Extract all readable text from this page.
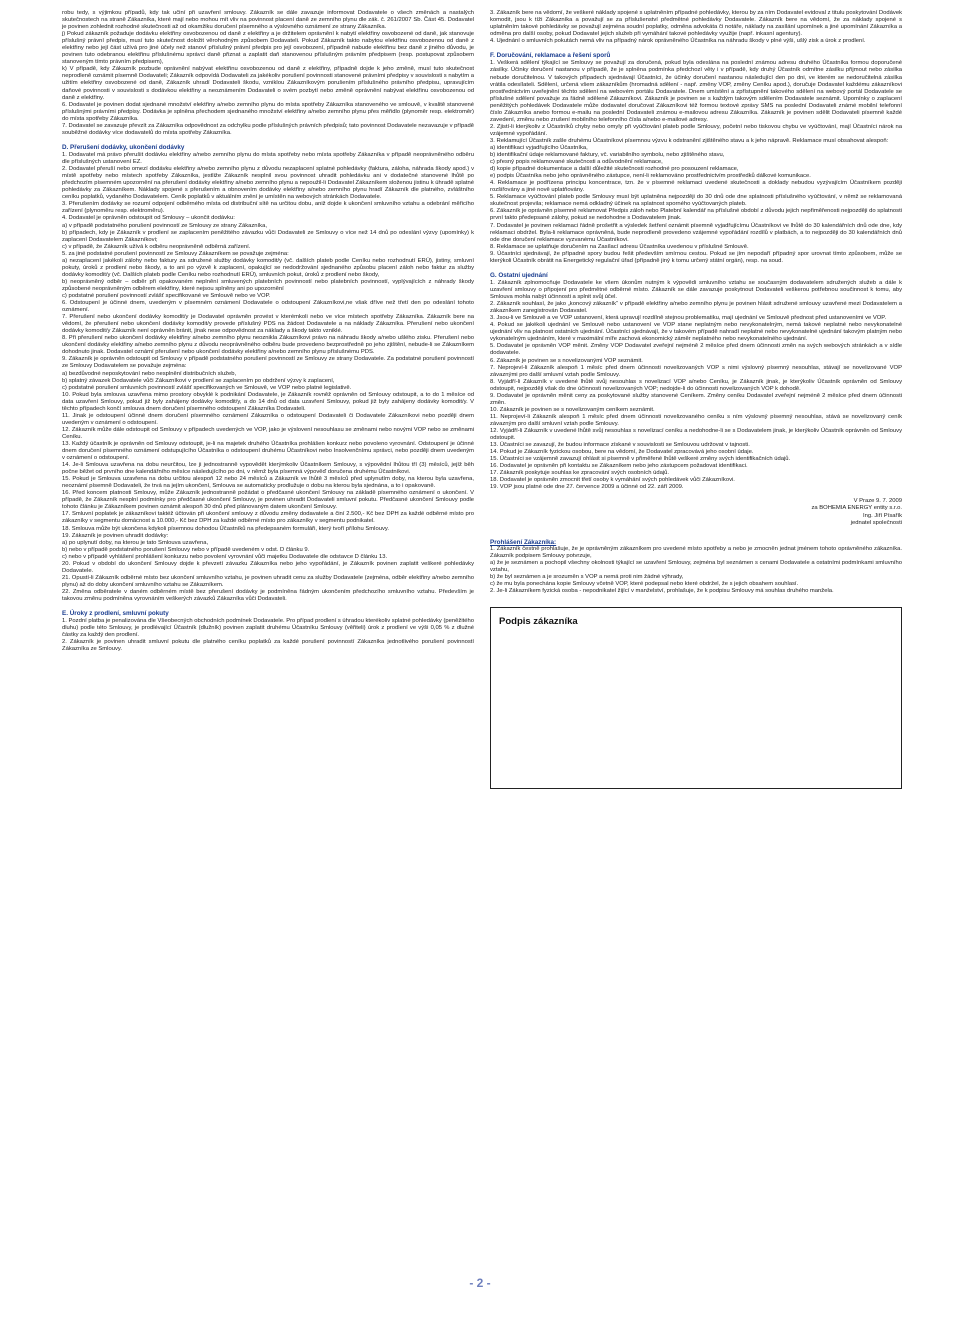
robu tedy, s výjimkou případů, kdy tak učiní při uzavření smlouvy. Zákazník se dále zavazuje informovat Dodavatele o všech změnách a nastalých skutečnostech na straně Zákazníka, které mají nebo mohou mít vliv na povinnost placení daně ze zemního plynu dle zák. č. 261/2007 Sb. Část 45. Dodavatel je povinen zohlednit rozhodné skutečnosti až od okamžiku doručení písemného a výslovného oznámení ze strany Zákazníka.

j) Pokud zákazník požaduje dodávku elektřiny osvobozenou od daně z elektřiny a je držitelem oprávnění k nabytí elektřiny osvobozené od daně, jak stanovuje příslušný právní předpis, musí tuto skutečnost doložit věrohodným způsobem Dodavateli. Pokud Zákazník takto nabytou elektřinu osvobozenou od daně z elektřiny nebo její část užívá pro jiné účely než stanoví příslušný právní předpis pro její osvobození, případně nabude elektřinu bez daně z jiného důvodu, je povinen tuto odebranou elektřinu příslušnému správci daně přiznat a zaplatit daň stanovenou příslušným právním předpisem (resp. postupovat způsobem stanoveným tímto právním předpisem),

k) V případě, kdy Zákazník pozbude oprávnění nabývat elektřinu osvobozenou od daně z elektřiny, případně dojde k jeho změně, musí tuto skutečnost neprodleně oznámit písemně Dodavateli; Zákazník odpovídá Dodavateli za jakékoliv porušení povinnosti stanovené právními předpisy v souvislosti s nabytím a užitím elektřiny osvobozené od daně, Zákazník uhradí Dodavateli škodu, vzniklou Zákazníkovým porušením příslušného právního předpisu, upravujícím daňové povinnosti v souvislosti s dodávkou elektřiny a neoznámením Dodavateli o svém pozbytí nebo změně oprávnění nabývat elektřinu osvobozenou od daně z elektřiny.

6. Dodavatel je povinen dodat sjednané množství elektřiny a/nebo zemního plynu do místa spotřeby Zákazníka stanoveného ve smlouvě, v kvalitě stanovené příslušnými právními předpisy. Dodávka je splněna přechodem sjednaného množství elektřiny a/nebo zemního plynu přes měřidlo (plynoměr resp. elektroměr) do místa spotřeby Zákazníka.

7. Dodavatel se zavazuje převzít za Zákazníka odpovědnost za odchylku podle příslušných právních předpisů; tato povinnost Dodavatele nezavazuje v případě souběžné dodávky více dodavatelů do místa spotřeby Zákazníka.

D. Přerušení dodávky, ukončení dodávky

1. Dodavatel má právo přerušit dodávku elektřiny a/nebo zemního plynu do místa spotřeby nebo místa spotřeby Zákazníka v případě neoprávněného odběru dle příslušných ustanovení EZ.

2. Dodavatel přeruší nebo omezí dodávku elektřiny a/nebo zemního plynu z důvodu nezaplacení splatné pohledávky (faktura, záloha, náhrada škody apod.) v místě spotřeby nebo místech spotřeby Zákazníka, jestliže Zákazník nesplnil svou povinnost uhradit pohledávku ani v dodatečné stanovené lhůtě po předchozím písemném upozornění na přerušení dodávky elektřiny a/nebo zemního plynu a nepoužil-li Dodavatel Zákazníkem složenou jistinu k úhradě splatné pohledávky za Zákazníkem. Náklady spojené s přerušením a obnovením dodávky elektřiny a/nebo zemního plynu hradí Zákazník dle platného, zvláštního ceníku poplatků, vydaného Dodavatelem. Ceník poplatků v aktuálním znění je umístěn na webových stránkách Dodavatele.

3. Přerušením dodávky se rozumí odpojení odběrného místa od distribuční sítě na určitou dobu, aniž dojde k ukončení smluvního vztahu a odebrání měřicího zařízení (plynoměru resp. elektroměru).

4. Dodavatel je oprávněn odstoupit od Smlouvy – ukončit dodávku:

a) v případě podstatného porušení povinností ze Smlouvy ze strany Zákazníka,

b) případech, kdy je Zákazník v prodlení se zaplacením peněžitého závazku vůči Dodavateli ze Smlouvy o více než 14 dnů po odeslání výzvy (upomínky) k zaplacení Dodavatelem Zákazníkovi;

c) v případě, že Zákazník užívá k odběru neoprávněně odběrná zařízení.

5. za jiné podstatné porušení povinností ze Smlouvy Zákazníkem se považuje zejména:

a) nezaplacení jakékoli zálohy nebo faktury za sdružené služby dodávky komodit/y (vč. dalších plateb podle Ceníku nebo rozhodnutí ERÚ), jistiny, smluvní pokuty, úroků z prodlení nebo škody, a to ani po výzvě k zaplacení, opakující se nedodržování sjednaného způsobu placení záloh nebo faktur za služby dodávky komodit/y (vč. Dalších plateb podle Ceníku nebo rozhodnutí ERÚ), smluvních pokut, úroků z prodlení nebo škody,

b) neoprávněný odběr – odběr při opakovaném neplnění smluvených platebních povinností nebo platebních povinností, vyplývajících z náhrady škody způsobené neoprávněným odběrem elektřiny, které nejsou splněny ani po upozornění

c) podstatné porušení povinností zvlášť specifikované ve Smlouvě nebo ve VOP.

6. Odstoupení je účinné dnem, uvedeným v písemném oznámení Dodavatele o odstoupení Zákazníkovi,ne však dříve než třetí den po odeslání tohoto oznámení.

7. Přerušení nebo ukončení dodávky komodit/y je Dodavatel oprávněn provést v kterémkoli nebo ve více místech spotřeby Zákazníka. Zákazník bere na vědomí, že přerušení nebo ukončení dodávky komodit/y provede příslušný PDS na žádost Dodavatele a na náklady Zákazníka. Přerušení nebo ukončení dodávky komodit/y Zákazník není oprávněn bránit, jinak nese odpovědnost za náklady a škody takto vzniklé.

8. Při přerušení nebo ukončení dodávky elektřiny a/nebo zemního plynu neoznikla Zákazníkovi právo na náhradu škody a/nebo ušlého zisku. Přerušení nebo ukončení dodávky elektřiny a/nebo zemního plynu z důvodu neoprávněného odběru bude provedeno bezprostředně po jeho zjištění, nebude-li se Zákazníkem dohodnuto jinak. Dodavatel oznámí přerušení nebo ukončení dodávky elektřiny a/nebo zemního plynu příslušnému PDS.

9. Zákazník je oprávněn odstoupit od Smlouvy v případě podstatného porušení povinností ze Smlouvy ze strany Dodavatele. Za podstatné porušení povinností ze Smlouvy Dodavatelem se považuje zejména:

a) bezdůvodné neposkytování nebo nesplnění distribučních služeb,

b) splatný závazek Dodavatele vůči Zákazníkovi v prodlení se zaplacením po obdržení výzvy k zaplacení,

c) podstatné porušení smluvních povinností zvlášť specifikovaných ve Smlouvě, ve VOP nebo platné legislativě.

10. Pokud byla smlouva uzavřena mimo prostory obvyklé k podnikání Dodavatele, je Zákazník rovněž oprávněn od Smlouvy odstoupit, a to do 1 měsíce od data uzavření Smlouvy, pokud již byly zahájeny dodávky komodit/y, a do 14 dnů od data uzavření Smlouvy, pokud již byly zahájeny dodávky komodit/y. V těchto případech končí smlouva dnem doručení písemného odstoupení Zákazníka Dodavateli.

11. Jinak je odstoupení účinné dnem doručení písemného oznámení Zákazníka o odstoupení Dodavateli či Dodavatele Zákazníkovi nebo později dnem uvedeným v oznámení o odstoupení.

12. Zákazník může dále odstoupit od Smlouvy v případech uvedených ve VOP, jako je výslovení nesouhlasu se změnami nebo novými VOP nebo se změnami Ceníku.

13. Každý účastník je oprávněn od Smlouvy odstoupit, je-li na majetek druhého Účastníka prohlášen konkurz nebo povoleno vyrovnání. Odstoupení je účinné dnem doručení písemného oznámení odstupujícího Účastníka o odstoupení druhému Účastníkovi nebo Insolvenčnímu správci, nebo později dnem uvedeným v oznámení o odstoupení.

14. Je-li Smlouva uzavřena na dobu neurčitou, lze ji jednostranně vypovědět kterýmkoliv Účastníkem Smlouvy, s výpovědní lhůtou tří (3) měsíců, jejíž běh počne běžet od prvního dne kalendářního měsíce následujícího po dni, v němž byla písemná výpověď doručena druhému Účastníkovi.

15. Pokud je Smlouva uzavřena na dobu určitou alespoň 12 nebo 24 měsíců a Zákazník ve lhůtě 3 měsíců před uplynutím doby, na kterou byla uzavřena, neoznámí písemně Dodavateli, že trvá na jejím ukončení, Smlouva se automaticky prodlužuje o dobu na kterou byla sjednána, a to i opakovaně.

16. Před koncem platnosti Smlouvy, může Zákazník jednostranně požádat o předčasné ukončení Smlouvy na základě písemného oznámení o ukončení. V případě, že Zákazník nesplní podmínky pro předčasné ukončení Smlouvy, je povinen uhradit Dodavateli smluvní pokutu. Předčasné ukončení Smlouvy podle tohoto článku je Zákazníkem povinen oznámit alespoň 30 dnů před plánovaným datem ukončení Smlouvy.

17. Smluvní poplatek je zákazníkovi taktéž účtován při ukončení smlouvy z důvodu změny dodavatele a činí 2.500,- Kč bez DPH za každé odběrné místo pro zákazníky v segmentu domácnost a 10.000,- Kč bez DPH za každé odběrné místo pro zákazníky v segmentu podnikatel.

18. Smlouva může být ukončena kdykoli písemnou dohodou Účastníků na předepsaném formuláři, který tvoří přílohu Smlouvy.

19. Zákazník je povinen uhradit dodávky:

a) po uplynutí doby, na kterou je tato Smlouva uzavřena,

b) nebo v případě podstatného porušení Smlouvy nebo v případě uvedeném v odst. D článku 9.

c) nebo v případě vyhlášení prohlášení konkurzu nebo povolení vyrovnání vůči majetku Dodavatele dle odstavce D článku 13.

20. Pokud v období do ukončení Smlouvy dojde k převzetí závazku Zákazníka nebo jeho vypořádání, je Zákazník povinen zaplatit veškeré pohledávky Dodavatele.

21. Opustí-li Zákazník odběrné místo bez ukončení smluvního vztahu, je povinen uhradit cenu za služby Dodavatele (zejména, odběr elektřiny a/nebo zemního plynu) až do doby ukončení smluvního vztahu se Zákazníkem.

22. Změna odběratele v daném odběrném místě bez přerušení dodávky je podmíněna řádným ukončením předchozího smluvního vztahu. Především je takovou změnu podmíněna vyrovnáním veškerých závazků Zákazníka vůči Dodavateli.

E. Úroky z prodlení, smluvní pokuty

1. Pozdní platba je penalizována dle Všeobecných obchodních podmínek Dodavatele. Pro případ prodlení s úhradou kterékoliv splatné pohledávky (peněžitého dluhu) podle této Smlouvy, je prodlévající Účastník (dlužník) povinen zaplatit druhému Účastníku Smlouvy (věřiteli) úrok z prodlení ve výši 0,05 % z dlužné částky za každý den prodlení.

2. Zákazník je povinen uhradit smluvní pokutu dle platného ceníku poplatků za každé porušení povinností Zákazníka jednotlivého porušení povinností Zákazníka ze Smlouvy.

3. Zákazník bere na vědomí, že veškeré náklady spojené s uplatněním případné pohledávky, kterou by za ním Dodavatel evidoval z titulu poskytování Dodávek komodit, jsou k tíži Zákazníka a považují se za příslušenství předmětné pohledávky Dodavatele. Zákazník bere na vědomí, že za náklady spojené s uplatněním takové pohledávky se považují zejména soudní poplatky, odměna advokáta či notáře, náklady na zasílání upomínek a jiné upomínání Zákazníka a odměna pro další osoby, pokud Dodavatel jejich služeb při vymáhání takové pohledávky využije (např. inkasní agentury).

4. Ujednání o smluvních pokutách nemá vliv na případný nárok oprávněného Účastníka na náhradu škody v plné výši, ušlý zisk a úrok z prodlení.

F. Doručování, reklamace a řešení sporů

1. Veškerá sdělení týkající se Smlouvy se považují za doručená, pokud byla odeslána na poslední známou adresu druhého Účastníka formou doporučené zásilky. Účinky doručení nastanou v případě, že je splněna podmínka předchozí věty i v případě, kdy druhý Účastník odmítne zásilku přijmout nebo zásilka nebude doručitelnou. V takových případech sjednávají Účastníci, že účinky doručení nastanou následující den po dni, ve kterém se nedoručitelná zásilka vrátila odesílateli. Sdělení, určená všem zákazníkům (hromadná sdělení - např. změny VOP, změny Ceníku apod.), doručuje Dodavatel každému zákazníkovi prostřednictvím uveřejnění těchto sdělení na webovém portálu Dodavatele. Dnem umístění a zpřístupnění takového sdělení na webový portál Dodavatele se příslušné sdělení považuje za řádně sdělené Zákazníkovi. Zákazník je povinen se s každým takovým sdělením Dodavatele seznámit. Upomínky o zaplacení peněžitých pohledávek Dodavatele může dodavatel doručovat Zákazníkovi též formou textové zprávy SMS na poslední Dodavateli známé mobilní telefonní číslo Zákazníka anebo formou e-mailu na poslední Dodavateli známou e-mailovou adresu Zákazníka. Zákazník je povinen sdělit Dodavateli písemně každé zavedení, změnu nebo zrušení mobilního telefonního čísla a/nebo e-mailové adresy.

2. Zjistí-li kterýkoliv z Účastníků chyby nebo omyly při vyúčtování plateb podle Smlouvy, početní nebo tiskovou chybu ve vyúčtování, mají Účastníci nárok na vzájemné vypořádání.

3. Reklamující Účastník zašle druhému Účastníkovi písemnou výzvu k odstranění zjištěného stavu a k jeho nápravě. Reklamace musí obsahovat alespoň:

a) identifikaci vyjadřujícího Účastníka,

b) identifikační údaje reklamované faktury, vč. variabilního symbolu, nebo zjištěného stavu,

c) přesný popis reklamované skutečnosti a odůvodnění reklamace,

d) kopie případné dokumentace a další důležité skutečnosti rozhodné pro posouzení reklamace,

e) podpis Účastníka nebo jeho oprávněného zástupce, není-li reklamováno prostřednictvím prostředků dálkové komunikace.

4. Reklamace je podřízena principu koncentrace, tzn. že v písemné reklamaci uvedené skutečnosti a doklady nebudou vyzývajícím Účastníkem později rozšiřovány a jiné nově uplatňovány.

5. Reklamace vyúčtování plateb podle Smlouvy musí být uplatněna nejpozději do 30 dnů ode dne splatnosti příslušného vyúčtování, v němž se reklamovaná skutečnost projevila; reklamace nemá odkladný účinek na splatnost sporného vyúčtovaných plateb.

6. Zákazník je oprávněn písemně reklamovat Předpis záloh nebo Platební kalendář na příslušné období z důvodu jejich nepřiměřenosti nejpozději do splatnosti první takto předepsané zálohy, pokud se nedohodne s Dodavatelem jinak.

7. Dodavatel je povinen reklamaci řádně prošetřit a výsledek šetření oznámit písemně vyjadřujícímu Účastníkovi ve lhůtě do 30 kalendářních dnů ode dne, kdy reklamaci obdržel. Byla-li reklamace oprávněná, bude neprodleně provedeno vzájemné vypořádání rozdílů v platbách, a to nejpozději do 30 kalendářních dnů ode dne doručení reklamace vyzvanému Účastníkovi.

8. Reklamace se uplatňuje doručením na Zasílací adresu Účastníka uvedenou v příslušné Smlouvě.

9. Účastníci sjednávají, že případné spory budou řešit především smírnou cestou. Pokud se jím nepodaří případný spor urovnat tímto způsobem, může se kterýkoli Účastník obrátit na Energetický regulační úřad (případně jiný k tomu určený státní orgán), resp. na soud.

G. Ostatní ujednání

1. Zákazník zplnomocňuje Dodavatele ke všem úkonům nutným k výpovědi smluvního vztahu se současným dodavatelem sdružených služeb a dále k uzavření smlouvy o připojení pro předmětné odběrné místo. Zákazník se dále zavazuje poskytnout Dodavateli veškerou potřebnou součinnost k tomu, aby Smlouva mohla nabýt účinnosti a splnit svůj účel.

2. Zákazník souhlasí, že jako „koncový zákazník“ v případě elektřiny a/nebo zemního plynu je povinen hlásit sdružené smlouvy uzavřené mezi Dodavatelem a zákazníkem zaregistrován Dodavatel.

3. Jsou-li ve Smlouvě a ve VOP ustanovení, která upravují rozdílně stejnou problematiku, mají ujednání ve Smlouvě přednost před ustanoveními ve VOP.

4. Pokud se jakékoli ujednání ve Smlouvě nebo ustanovení ve VOP stane neplatným nebo nevykonatelným, nemá takové neplatné nebo nevykonatelné ujednání vliv na platnost ostatních ujednání. Účastníci sjednávají, že v takovém případě nahradí neplatné nebo nevykonatelné ujednání takovým platným nebo vykonatelným ujednáním, které v maximální míře zachová ekonomický záměr neplatného nebo nevykonatelného ujednání.

5. Dodavatel je oprávněn VOP měnit. Změny VOP Dodavatel zveřejní nejméně 2 měsíce před dnem účinnosti změn na svých webových stránkách a v sídle dodavatele.

6. Zákazník je povinen se s novelizovanými VOP seznámit.

7. Neprojeví-li Zákazník alespoň 1 měsíc před dnem účinnosti novelizovaných VOP s nimi výslovný písemný nesouhlas, stávají se novelizované VOP závaznými pro další smluvní vztah podle Smlouvy.

8. Vyjádří-li Zákazník v uvedené lhůtě svůj nesouhlas s novelizací VOP a/nebo Ceníku, je Zákazník jinak, je kterýkoliv Účastník oprávněn od Smlouvy odstoupit, nejpozději však do dne účinnosti novelizovaných VOP; nedojde-li do účinnosti novelizovaných VOP k dohodě.

9. Dodavatel je oprávněn měnit ceny za poskytované služby stanovené Ceníkem. Změny ceníku Dodavatel zveřejní nejméně 2 měsíce před dnem účinnosti změn.

10. Zákazník je povinen se s novelizovaným ceníkem seznámit.

11. Neprojeví-li Zákazník alespoň 1 měsíc před dnem účinnosti novelizovaného ceníku s ním výslovný písemný nesouhlas, stává se novelizovaný ceník závazným pro další smluvní vztah podle Smlouvy.

12. Vyjádří-li Zákazník v uvedené lhůtě svůj nesouhlas s novelizací ceníku a nedohodne-li se s Dodavatelem jinak, je kterýkoliv Účastník oprávněn od Smlouvy odstoupit.

13. Účastníci se zavazují, že budou informace získané v souvislosti se Smlouvou udržovat v tajnosti.

14. Pokud je Zákazník fyzickou osobou, bere na vědomí, že Dodavatel zpracovává jeho osobní údaje.

15. Účastníci se vzájemně zavazují ohlásit si písemně v přiměřené lhůtě veškeré změny svých identifikačních údajů.

16. Dodavatel je oprávněn při kontaktu se Zákazníkem nebo jeho zástupcem požadovat identifikaci.

17. Zákazník poskytuje souhlas ke zpracování svých osobních údajů.

18. Dodavatel je oprávněn zmocnit třetí osoby k vymáhání svých pohledávek vůči Zákazníkovi.

19. VOP jsou platné ode dne 27. července 2009 a účinné od 22. září 2009.

V Praze 9. 7. 2009
za BOHEMIA ENERGY entity s.r.o.
Ing. Jiří Písařík
jednatel společnosti
Prohlášení Zákazníka:

1. Zákazník čestně prohlašuje, že je oprávněným zákazníkem pro uvedené místo spotřeby a nebo je zmocněn jednat jménem tohoto oprávněného zákazníka. Zákazník podpisem Smlouvy potvrzuje,

a) že je seznámen a pochopil všechny okolnosti týkající se uzavření Smlouvy, zejména byl seznámen s cenami Dodavatele a ostatními podmínkami smluvního vztahu,

b) že byl seznámen a je srozuměn s VOP a nemá proti nim žádné výhrady,

c) že mu byla ponechána kopie Smlouvy včetně VOP, které podepsal nebo které obdržel, že s jejich obsahem souhlasí.

2. Je-li Zákazníkem fyzická osoba - nepodnikatel žijící v manželství, prohlašuje, že k podpisu Smlouvy má souhlas druhého manžela.

Podpis zákazníka
- 2 -
